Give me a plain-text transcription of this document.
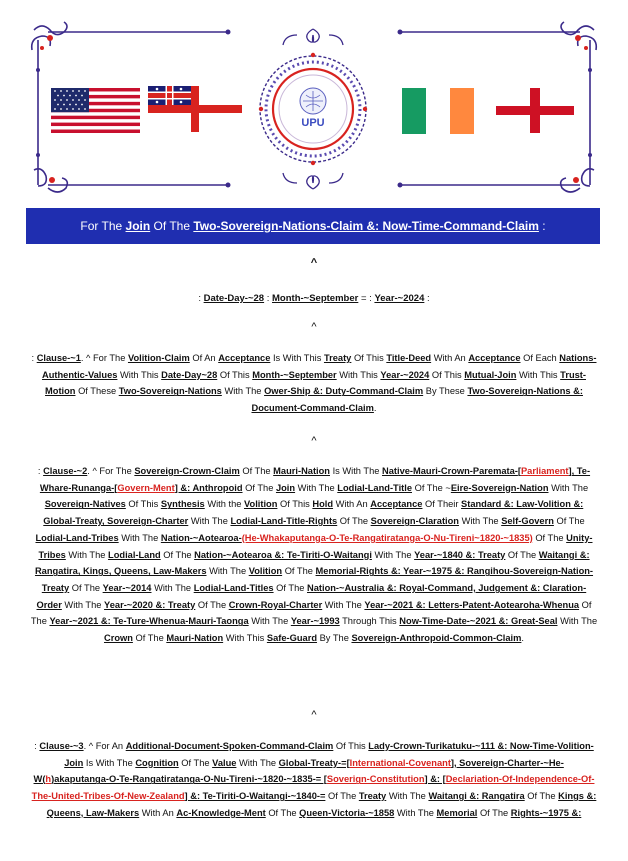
UPU
For The Join Of The Two-Sovereign-Nations-Claim &: Now-Time-Command-Claim :
^
: Date-Day-~28 : Month-~September = : Year-~2024 :
^
: Clause-~1. ^ For The Volition-Claim Of An Acceptance Is With This Treaty Of This Title-Deed With An Acceptance Of Each Nations-Authentic-Values With This Date-Day~28 Of This Month-~September With This Year-~2024 Of This Mutual-Join With This Trust-Motion Of These Two-Sovereign-Nations With The Ower-Ship &: Duty-Command-Claim By These Two-Sovereign-Nations &: Document-Command-Claim.
^
: Clause-~2. ^ For The Sovereign-Crown-Claim Of The Mauri-Nation Is With The Native-Mauri-Crown-Paremata-[Parliament], Te-Whare-Runanga-[Govern-Ment] &: Anthropoid Of The Join With The Lodial-Land-Title Of The ~Eire-Sovereign-Nation With The Sovereign-Natives Of This Synthesis With the Volition Of This Hold With An Acceptance Of Their Standard &: Law-Volition &: Global-Treaty, Sovereign-Charter With The Lodial-Land-Title-Rights Of The Sovereign-Claration With The Self-Govern Of The Lodial-Land-Tribes With The Nation-~Aotearoa-(He-Whakaputanga-O-Te-Rangatiratanga-O-Nu-Tireni~1820-~1835) Of The Unity-Tribes With The Lodial-Land Of The Nation-~Aotearoa &: Te-Tiriti-O-Waitangi With The Year-~1840 &: Treaty Of The Waitangi &: Rangatira, Kings, Queens, Law-Makers With The Volition Of The Memorial-Rights &: Year-~1975 &: Rangihou-Sovereign-Nation-Treaty Of The Year-~2014 With The Lodial-Land-Titles Of The Nation-~Australia &: Royal-Command, Judgement &: Claration-Order With The Year-~2020 &: Treaty Of The Crown-Royal-Charter With The Year-~2021 &: Letters-Patent-Aotearoha-Whenua Of The Year-~2021 &: Te-Ture-Whenua-Mauri-Taonga With The Year-~1993 Through This Now-Time-Date-~2021 &: Great-Seal With The Crown Of The Mauri-Nation With This Safe-Guard By The Sovereign-Anthropoid-Common-Claim.
^
: Clause-~3. ^ For An Additional-Document-Spoken-Command-Claim Of This Lady-Crown-Turikatuku-~111 &: Now-Time-Volition-Join Is With The Cognition Of The Value With The Global-Treaty-=[International-Covenant], Sovereign-Charter-~He-W(h)akaputanga-O-Te-Rangatiratanga-O-Nu-Tireni-~1820-~1835-= [Soverign-Constitution] &: [Declariation-Of-Independence-Of-The-United-Tribes-Of-New-Zealand] &: Te-Tiriti-O-Waitangi-~1840-= Of The Treaty With The Waitangi &: Rangatira Of The Kings &: Queens, Law-Makers With An Ac-Knowledge-Ment Of The Queen-Victoria-~1858 With The Memorial Of The Rights-~1975 &:
